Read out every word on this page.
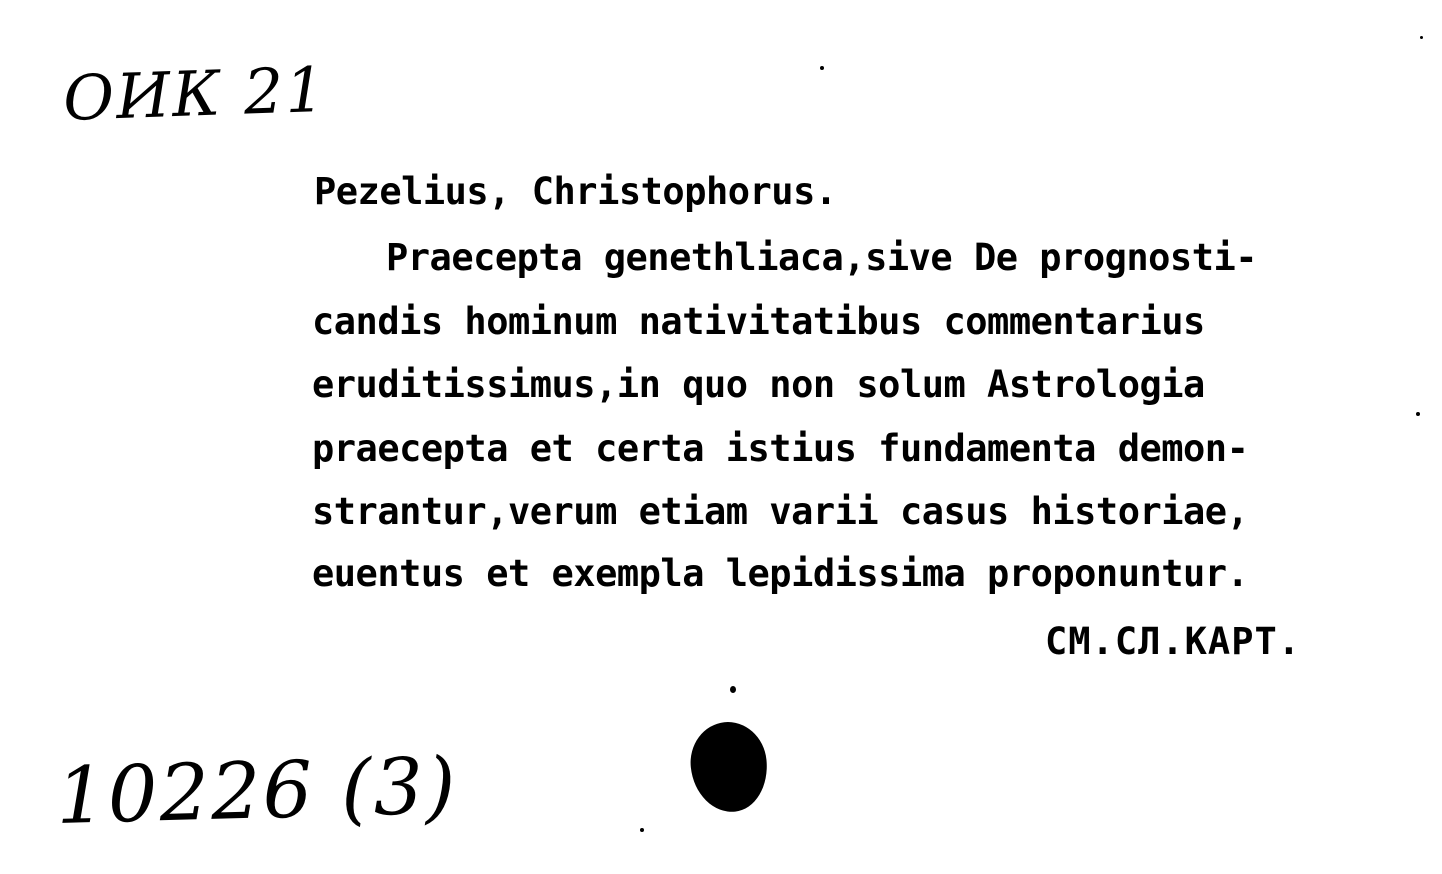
ОИК 21
Pezelius, Christophorus.
Praecepta genethliaca,sive De prognosti-
candis hominum nativitatibus commentarius
eruditissimus,in quo non solum Astrologia
praecepta et certa istius fundamenta demon-
strantur,verum etiam varii casus historiae,
euentus et exempla lepidissima proponuntur.
СМ.СЛ.КАРТ.
10226 (3)
